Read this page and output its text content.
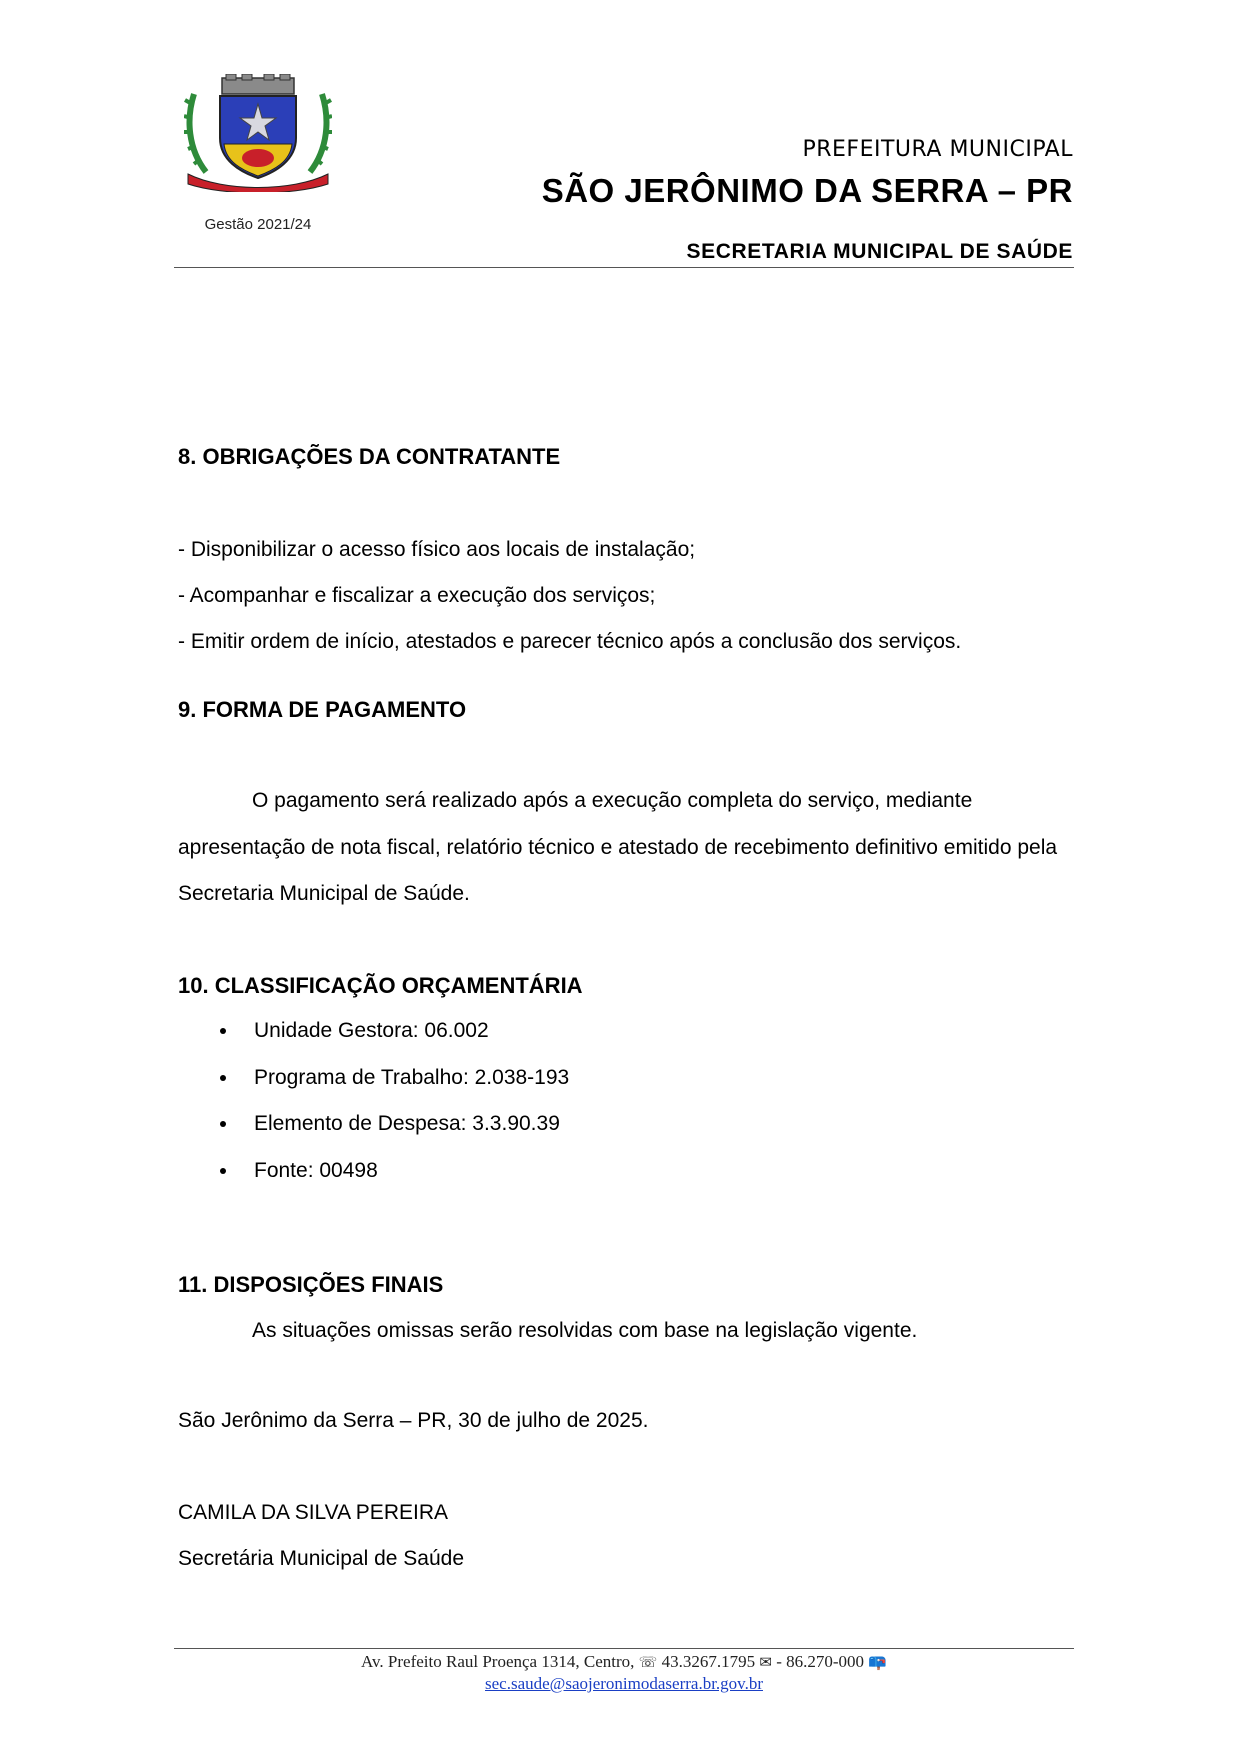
Gestão 2021/24
PREFEITURA MUNICIPAL
SÃO JERÔNIMO DA SERRA – PR
SECRETARIA MUNICIPAL DE SAÚDE
8. OBRIGAÇÕES DA CONTRATANTE
- Disponibilizar o acesso físico aos locais de instalação;
- Acompanhar e fiscalizar a execução dos serviços;
- Emitir ordem de início, atestados e parecer técnico após a conclusão dos serviços.
9. FORMA DE PAGAMENTO
O pagamento será realizado após a execução completa do serviço, mediante apresentação de nota fiscal, relatório técnico e atestado de recebimento definitivo emitido pela Secretaria Municipal de Saúde.
10. CLASSIFICAÇÃO ORÇAMENTÁRIA
Unidade Gestora: 06.002
Programa de Trabalho: 2.038-193
Elemento de Despesa: 3.3.90.39
Fonte: 00498
11. DISPOSIÇÕES FINAIS
As situações omissas serão resolvidas com base na legislação vigente.
São Jerônimo da Serra – PR, 30 de julho de 2025.
CAMILA DA SILVA PEREIRA
Secretária Municipal de Saúde
Av. Prefeito Raul Proença 1314, Centro, ☏ 43.3267.1795 ✉ - 86.270-000 📪
sec.saude@saojeronimodaserra.br.gov.br
